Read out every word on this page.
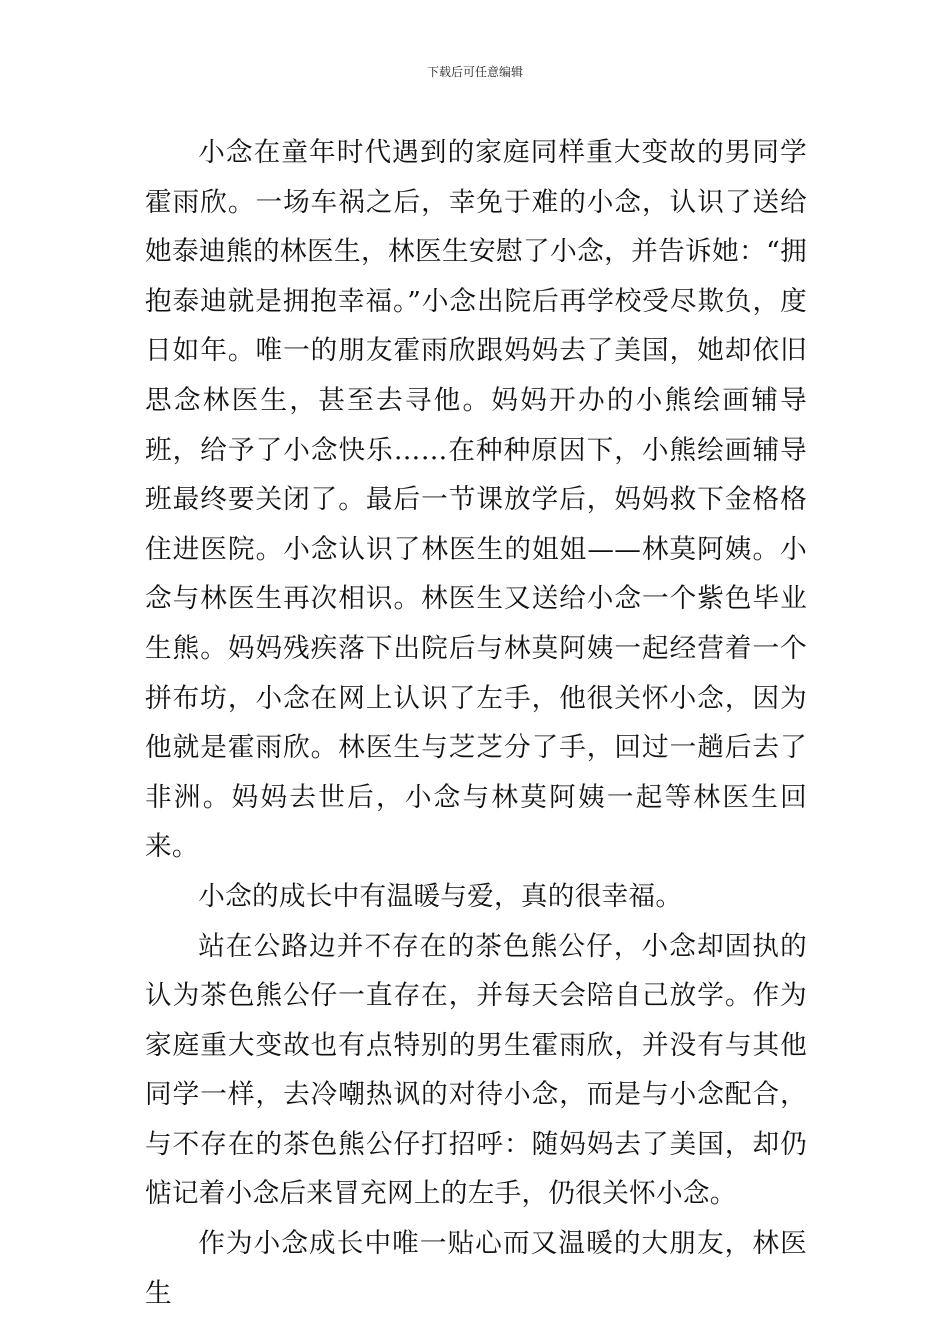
下载后可任意编辑

小念在童年时代遇到的家庭同样重大变故的男同学霍雨欣。一场车祸之后，幸免于难的小念，认识了送给她泰迪熊的林医生，林医生安慰了小念，并告诉她：“拥抱泰迪就是拥抱幸福。”小念出院后再学校受尽欺负，度日如年。唯一的朋友霍雨欣跟妈妈去了美国，她却依旧思念林医生，甚至去寻他。妈妈开办的小熊绘画辅导班，给予了小念快乐……在种种原因下，小熊绘画辅导班最终要关闭了。最后一节课放学后，妈妈救下金格格住进医院。小念认识了林医生的姐姐——林莫阿姨。小念与林医生再次相识。林医生又送给小念一个紫色毕业生熊。妈妈残疾落下出院后与林莫阿姨一起经营着一个拼布坊，小念在网上认识了左手，他很关怀小念，因为他就是霍雨欣。林医生与芝芝分了手，回过一趟后去了非洲。妈妈去世后，小念与林莫阿姨一起等林医生回来。

小念的成长中有温暖与爱，真的很幸福。

站在公路边并不存在的茶色熊公仔，小念却固执的认为茶色熊公仔一直存在，并每天会陪自己放学。作为家庭重大变故也有点特别的男生霍雨欣，并没有与其他同学一样，去冷嘲热讽的对待小念，而是与小念配合，与不存在的茶色熊公仔打招呼：随妈妈去了美国，却仍惦记着小念后来冒充网上的左手，仍很关怀小念。

作为小念成长中唯一贴心而又温暖的大朋友，林医生
